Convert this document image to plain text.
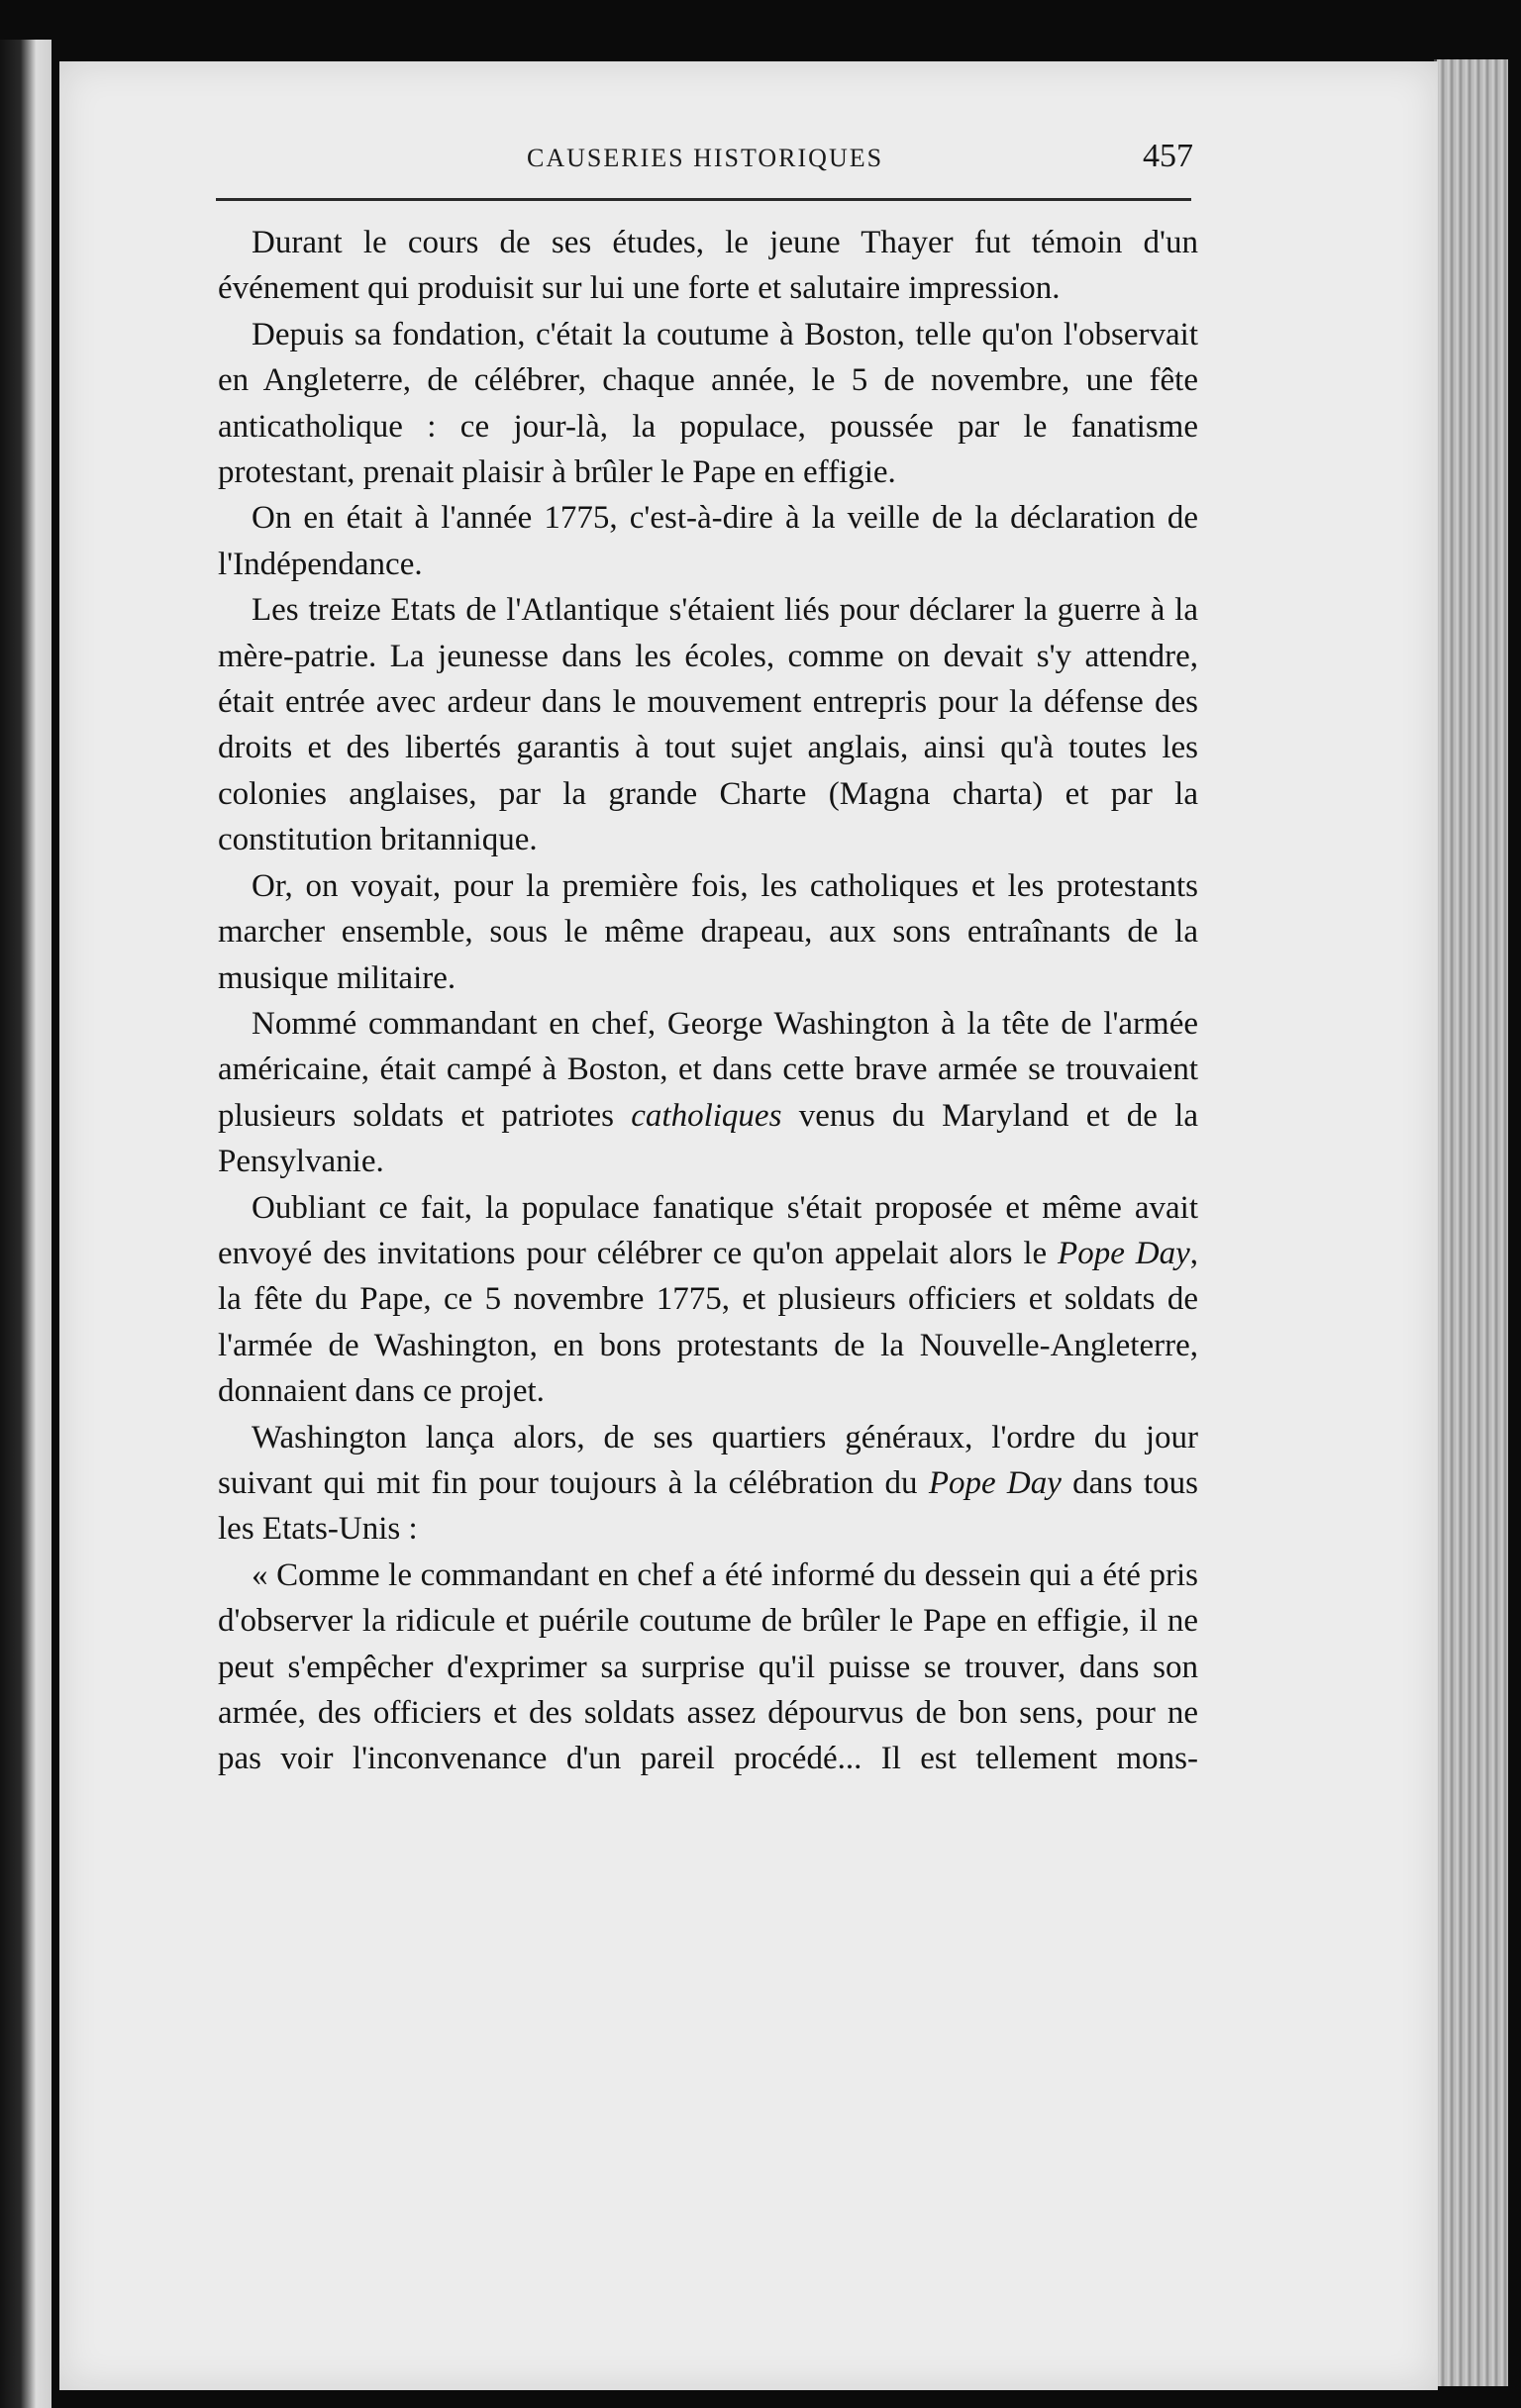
CAUSERIES HISTORIQUES	457

Durant le cours de ses études, le jeune Thayer fut témoin d'un événement qui produisit sur lui une forte et salutaire impression.

Depuis sa fondation, c'était la coutume à Boston, telle qu'on l'observait en Angleterre, de célébrer, chaque année, le 5 de novembre, une fête anticatholique : ce jour-là, la populace, poussée par le fanatisme protestant, prenait plaisir à brûler le Pape en effigie.

On en était à l'année 1775, c'est-à-dire à la veille de la déclaration de l'Indépendance.

Les treize Etats de l'Atlantique s'étaient liés pour déclarer la guerre à la mère-patrie. La jeunesse dans les écoles, comme on devait s'y attendre, était entrée avec ardeur dans le mouvement entrepris pour la défense des droits et des libertés garantis à tout sujet anglais, ainsi qu'à toutes les colonies anglaises, par la grande Charte (Magna charta) et par la constitution britannique.

Or, on voyait, pour la première fois, les catholiques et les protestants marcher ensemble, sous le même drapeau, aux sons entraînants de la musique militaire.

Nommé commandant en chef, George Washington à la tête de l'armée américaine, était campé à Boston, et dans cette brave armée se trouvaient plusieurs soldats et patriotes catholiques venus du Maryland et de la Pensylvanie.

Oubliant ce fait, la populace fanatique s'était proposée et même avait envoyé des invitations pour célébrer ce qu'on appelait alors le Pope Day, la fête du Pape, ce 5 novembre 1775, et plusieurs officiers et soldats de l'armée de Washington, en bons protestants de la Nouvelle-Angleterre, donnaient dans ce projet.

Washington lança alors, de ses quartiers généraux, l'ordre du jour suivant qui mit fin pour toujours à la célébration du Pope Day dans tous les Etats-Unis :

« Comme le commandant en chef a été informé du dessein qui a été pris d'observer la ridicule et puérile coutume de brûler le Pape en effigie, il ne peut s'empêcher d'exprimer sa surprise qu'il puisse se trouver, dans son armée, des officiers et des soldats assez dépourvus de bon sens, pour ne pas voir l'inconvenance d'un pareil procédé... Il est tellement mons-
